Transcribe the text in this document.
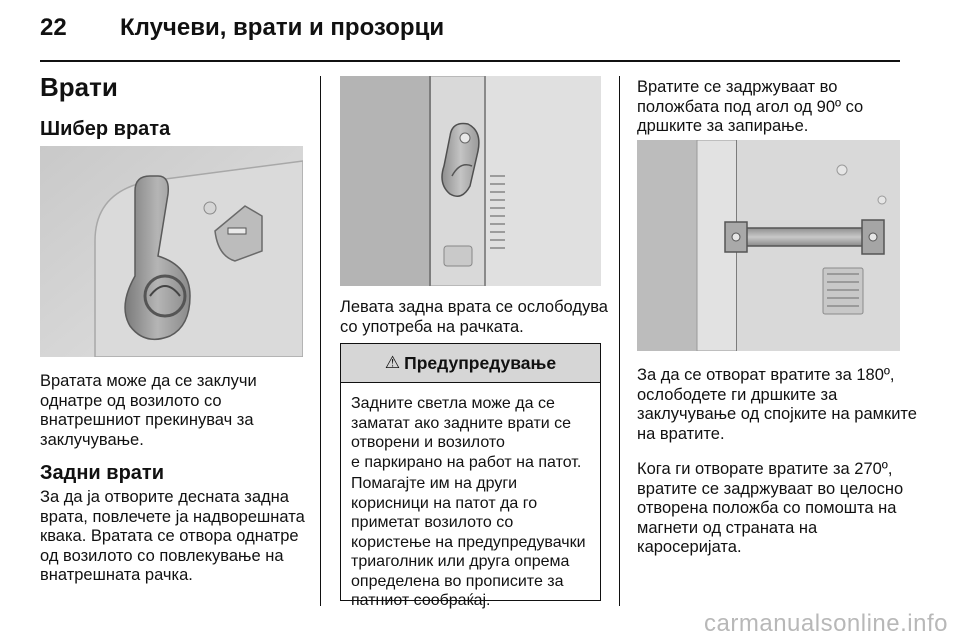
22 Клучеви, врати и прозорци
Врати
Шибер врата
Вратата може да се заклучи
однатре од возилото со
внатрешниот прекинувач за
заклучување.
Задни врати
За да ја отворите десната задна
врата, повлечете ја надворешната
квака. Вратата се отвора однатре
од возилото со повлекување на
внатрешната рачка.
Левата задна врата се ослободува
со употреба на рачката.
⚠ Предупредување
Задните светла може да се
заматат ако задните врати се
отворени и возилото
е паркирано на работ на патот.
Помагајте им на други
корисници на патот да го
приметат возилото со
користење на предупредувачки
триаголник или друга опрема
определена во прописите за
патниот сообраќај.
Вратите се задржуваат во
положбата под агол од 90º со
дршките за запирање.
За да се отворат вратите за 180º,
ослободете ги дршките за
заклучување од спојките на рамките
на вратите.
Кога ги отворате вратите за 270º,
вратите се задржуваат во целосно
отворена положба со помошта на
магнети од страната на
каросеријата.
carmanualsonline.info
